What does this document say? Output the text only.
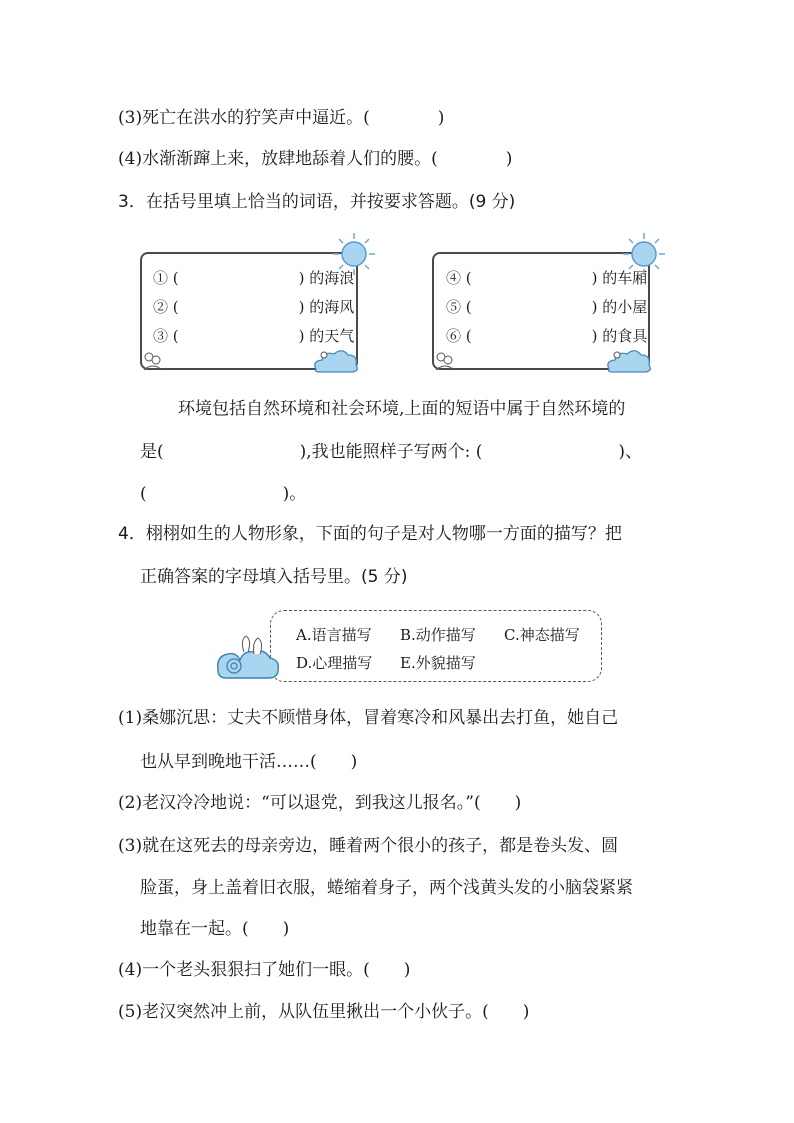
(3)死亡在洪水的狞笑声中逼近。(　　　　)
(4)水渐渐蹿上来，放肆地舔着人们的腰。(　　　　)
3．在括号里填上恰当的词语，并按要求答题。(9 分)
① (　　　　　　　　) 的海浪
② (　　　　　　　　) 的海风
③ (　　　　　　　　) 的天气
④ (　　　　　　　　) 的车厢
⑤ (　　　　　　　　) 的小屋
⑥ (　　　　　　　　) 的食具
环境包括自然环境和社会环境,上面的短语中属于自然环境的
是(　　　　　　　　),我也能照样子写两个: (　　　　　　　　)、
(　　　　　　　　)。
4．栩栩如生的人物形象，下面的句子是对人物哪一方面的描写？把
正确答案的字母填入括号里。(5 分)
A.语言描写 B.动作描写 C.神态描写
D.心理描写 E.外貌描写
(1)桑娜沉思：丈夫不顾惜身体，冒着寒冷和风暴出去打鱼，她自己
也从早到晚地干活……(　　)
(2)老汉冷冷地说：“可以退党，到我这儿报名。”(　　)
(3)就在这死去的母亲旁边，睡着两个很小的孩子，都是卷头发、圆
脸蛋，身上盖着旧衣服，蜷缩着身子，两个浅黄头发的小脑袋紧紧
地靠在一起。(　　)
(4)一个老头狠狠扫了她们一眼。(　　)
(5)老汉突然冲上前，从队伍里揪出一个小伙子。(　　)
